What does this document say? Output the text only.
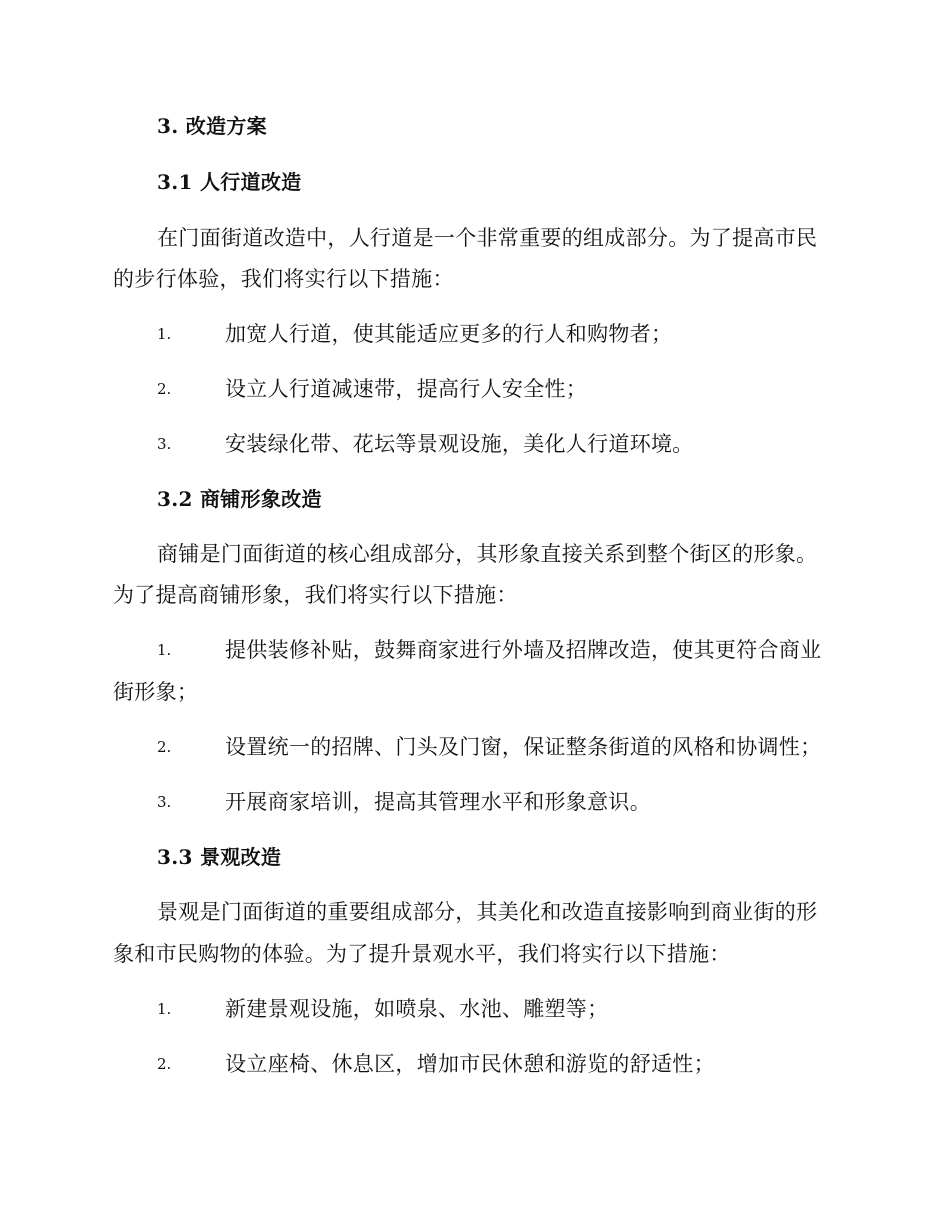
3. 改造方案
3.1 人行道改造
在门面街道改造中，人行道是一个非常重要的组成部分。为了提高市民
的步行体验，我们将实行以下措施：
1.	加宽人行道，使其能适应更多的行人和购物者；
2.	设立人行道减速带，提高行人安全性；
3.	安装绿化带、花坛等景观设施，美化人行道环境。
3.2 商铺形象改造
商铺是门面街道的核心组成部分，其形象直接关系到整个街区的形象。
为了提高商铺形象，我们将实行以下措施：
1.	提供装修补贴，鼓舞商家进行外墙及招牌改造，使其更符合商业
街形象；
2.	设置统一的招牌、门头及门窗，保证整条街道的风格和协调性；
3.	开展商家培训，提高其管理水平和形象意识。
3.3 景观改造
景观是门面街道的重要组成部分，其美化和改造直接影响到商业街的形
象和市民购物的体验。为了提升景观水平，我们将实行以下措施：
1.	新建景观设施，如喷泉、水池、雕塑等；
2.	设立座椅、休息区，增加市民休憩和游览的舒适性；
